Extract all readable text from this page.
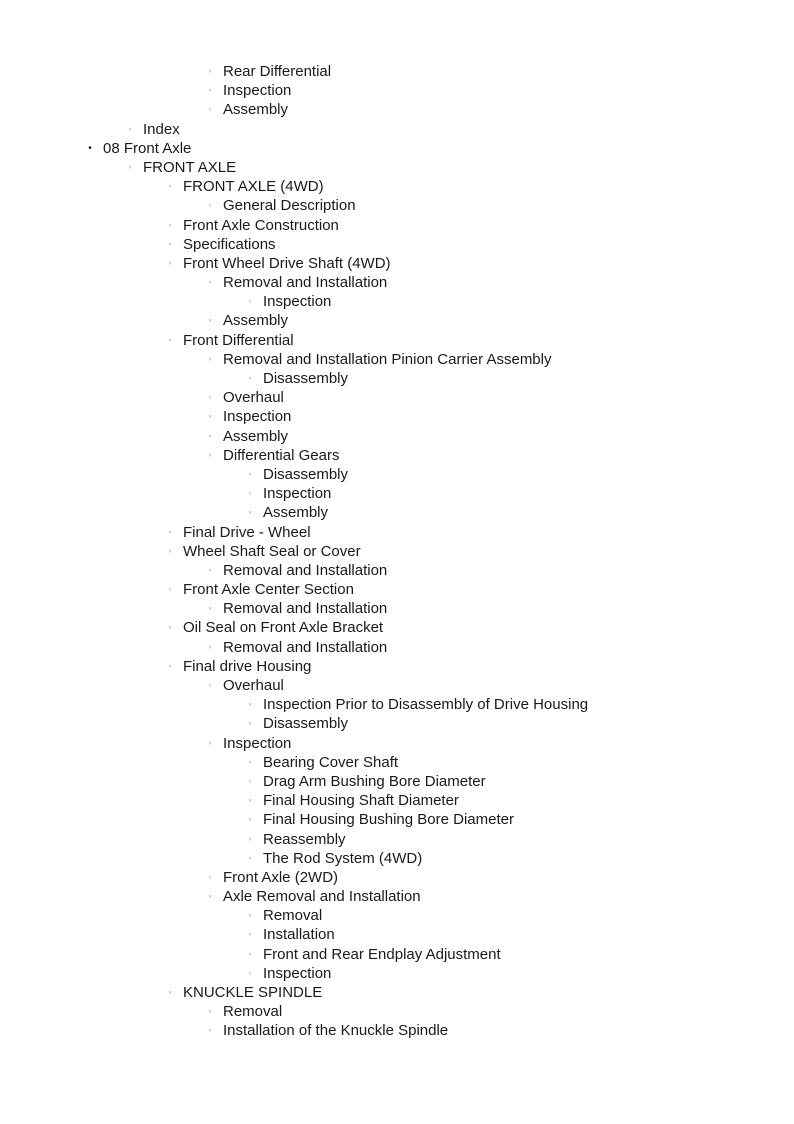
◦ Rear Differential
◦ Inspection
◦ Assembly
◦ Index
• 08 Front Axle
◦ FRONT AXLE
◦ FRONT AXLE (4WD)
◦ General Description
◦ Front Axle Construction
◦ Specifications
◦ Front Wheel Drive Shaft (4WD)
◦ Removal and Installation
◦ Inspection
◦ Assembly
◦ Front Differential
◦ Removal and Installation Pinion Carrier Assembly
◦ Disassembly
◦ Overhaul
◦ Inspection
◦ Assembly
◦ Differential Gears
◦ Disassembly
◦ Inspection
◦ Assembly
◦ Final Drive - Wheel
◦ Wheel Shaft Seal or Cover
◦ Removal and Installation
◦ Front Axle Center Section
◦ Removal and Installation
◦ Oil Seal on Front Axle Bracket
◦ Removal and Installation
◦ Final drive Housing
◦ Overhaul
◦ Inspection Prior to Disassembly of Drive Housing
◦ Disassembly
◦ Inspection
◦ Bearing Cover Shaft
◦ Drag Arm Bushing Bore Diameter
◦ Final Housing Shaft Diameter
◦ Final Housing Bushing Bore Diameter
◦ Reassembly
◦ The Rod System (4WD)
◦ Front Axle (2WD)
◦ Axle Removal and Installation
◦ Removal
◦ Installation
◦ Front and Rear Endplay Adjustment
◦ Inspection
◦ KNUCKLE SPINDLE
◦ Removal
◦ Installation of the Knuckle Spindle
